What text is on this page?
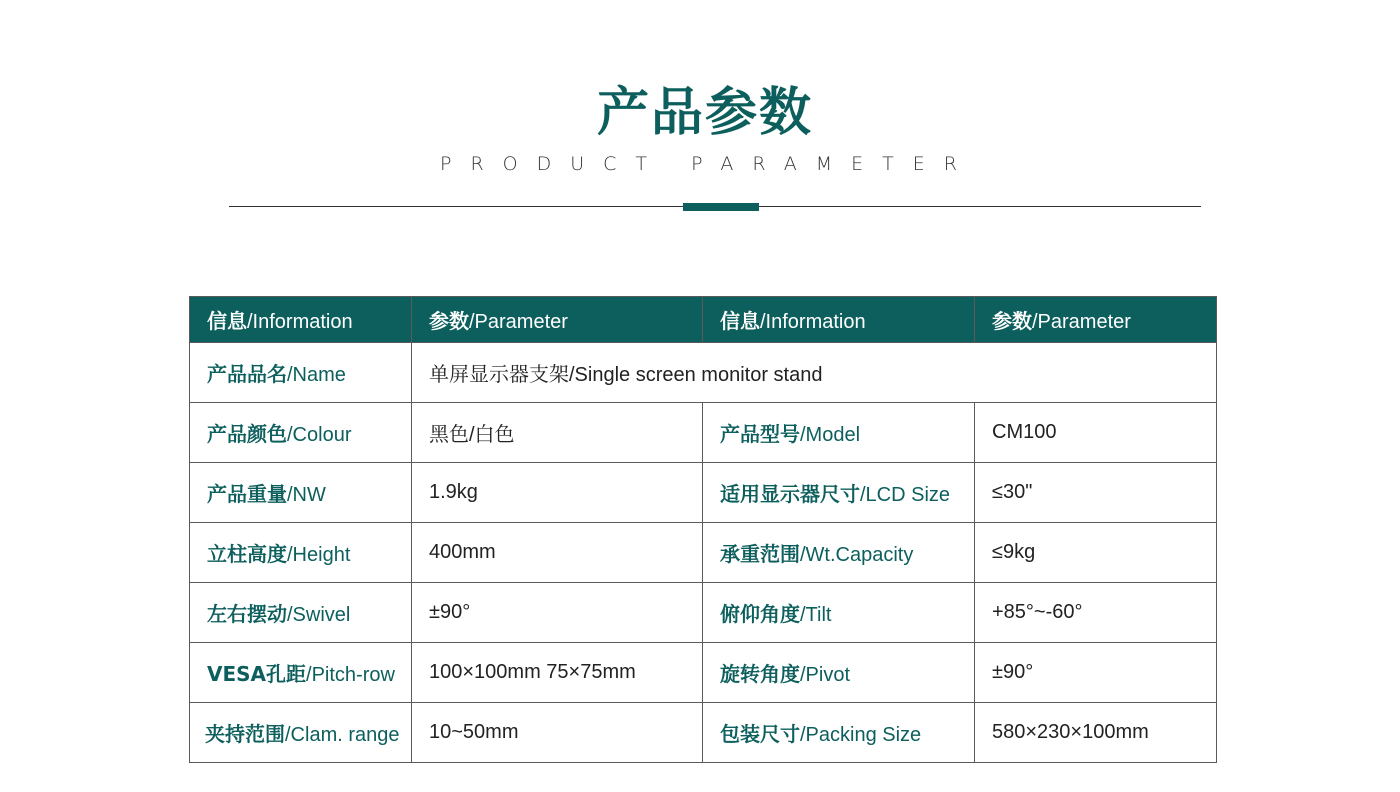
产品参数
PRODUCT PARAMETER
信息/Information	参数/Parameter	信息/Information	参数/Parameter
产品品名/Name	单屏显示器支架/Single screen monitor stand		
产品颜色/Colour	黑色/白色	产品型号/Model	CM100
产品重量/NW	1.9kg	适用显示器尺寸/LCD Size	≤30"
立柱高度/Height	400mm	承重范围/Wt.Capacity	≤9kg
左右摆动/Swivel	±90°	俯仰角度/Tilt	+85°~-60°
VESA孔距/Pitch-row	100×100mm 75×75mm	旋转角度/Pivot	±90°
夹持范围/Clam. range	10~50mm	包装尺寸/Packing Size	580×230×100mm
